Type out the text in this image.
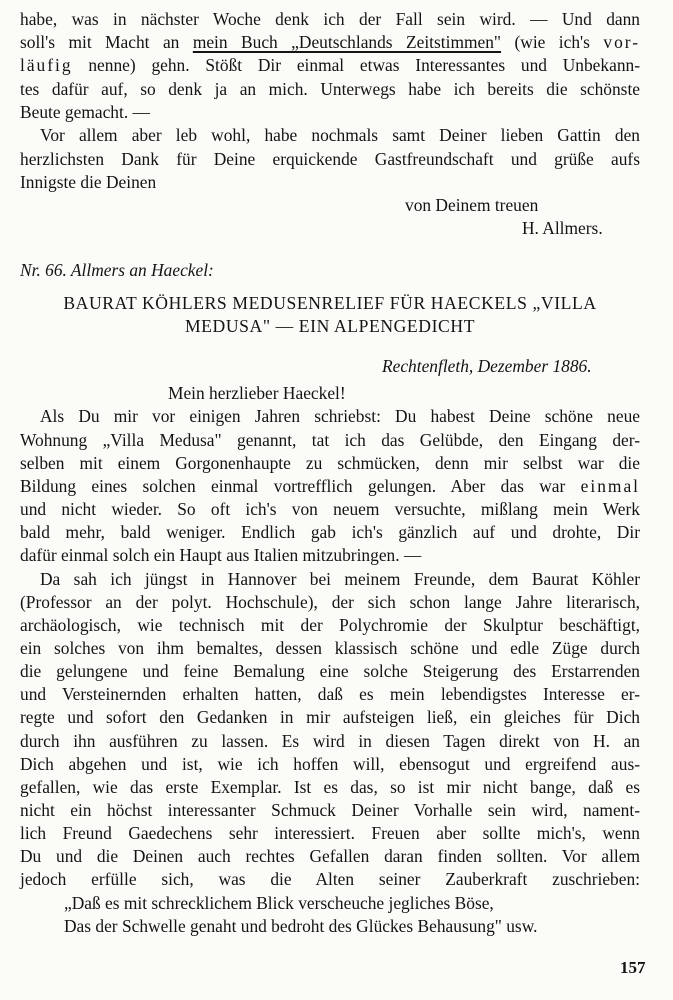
habe, was in nächster Woche denk ich der Fall sein wird. — Und dann
soll's mit Macht an mein Buch „Deutschlands Zeitstimmen" (wie ich's vor-
läufig nenne) gehn. Stößt Dir einmal etwas Interessantes und Unbekann-
tes dafür auf, so denk ja an mich. Unterwegs habe ich bereits die schönste
Beute gemacht. —
Vor allem aber leb wohl, habe nochmals samt Deiner lieben Gattin den
herzlichsten Dank für Deine erquickende Gastfreundschaft und grüße aufs
Innigste die Deinen
von Deinem treuen
H. Allmers.
Nr. 66. Allmers an Haeckel:
BAURAT KÖHLERS MEDUSENRELIEF FÜR HAECKELS „VILLA
MEDUSA" — EIN ALPENGEDICHT
Rechtenfleth, Dezember 1886.
Mein herzlieber Haeckel!
Als Du mir vor einigen Jahren schriebst: Du habest Deine schöne neue
Wohnung „Villa Medusa" genannt, tat ich das Gelübde, den Eingang der-
selben mit einem Gorgonenhaupte zu schmücken, denn mir selbst war die
Bildung eines solchen einmal vortrefflich gelungen. Aber das war einmal
und nicht wieder. So oft ich's von neuem versuchte, mißlang mein Werk
bald mehr, bald weniger. Endlich gab ich's gänzlich auf und drohte, Dir
dafür einmal solch ein Haupt aus Italien mitzubringen. —
Da sah ich jüngst in Hannover bei meinem Freunde, dem Baurat Köhler
(Professor an der polyt. Hochschule), der sich schon lange Jahre literarisch,
archäologisch, wie technisch mit der Polychromie der Skulptur beschäftigt,
ein solches von ihm bemaltes, dessen klassisch schöne und edle Züge durch
die gelungene und feine Bemalung eine solche Steigerung des Erstarrenden
und Versteinernden erhalten hatten, daß es mein lebendigstes Interesse er-
regte und sofort den Gedanken in mir aufsteigen ließ, ein gleiches für Dich
durch ihn ausführen zu lassen. Es wird in diesen Tagen direkt von H. an
Dich abgehen und ist, wie ich hoffen will, ebensogut und ergreifend aus-
gefallen, wie das erste Exemplar. Ist es das, so ist mir nicht bange, daß es
nicht ein höchst interessanter Schmuck Deiner Vorhalle sein wird, nament-
lich Freund Gaedechens sehr interessiert. Freuen aber sollte mich's, wenn
Du und die Deinen auch rechtes Gefallen daran finden sollten. Vor allem
jedoch erfülle sich, was die Alten seiner Zauberkraft zuschrieben:
„Daß es mit schrecklichem Blick verscheuche jegliches Böse,
Das der Schwelle genaht und bedroht des Glückes Behausung" usw.
157
